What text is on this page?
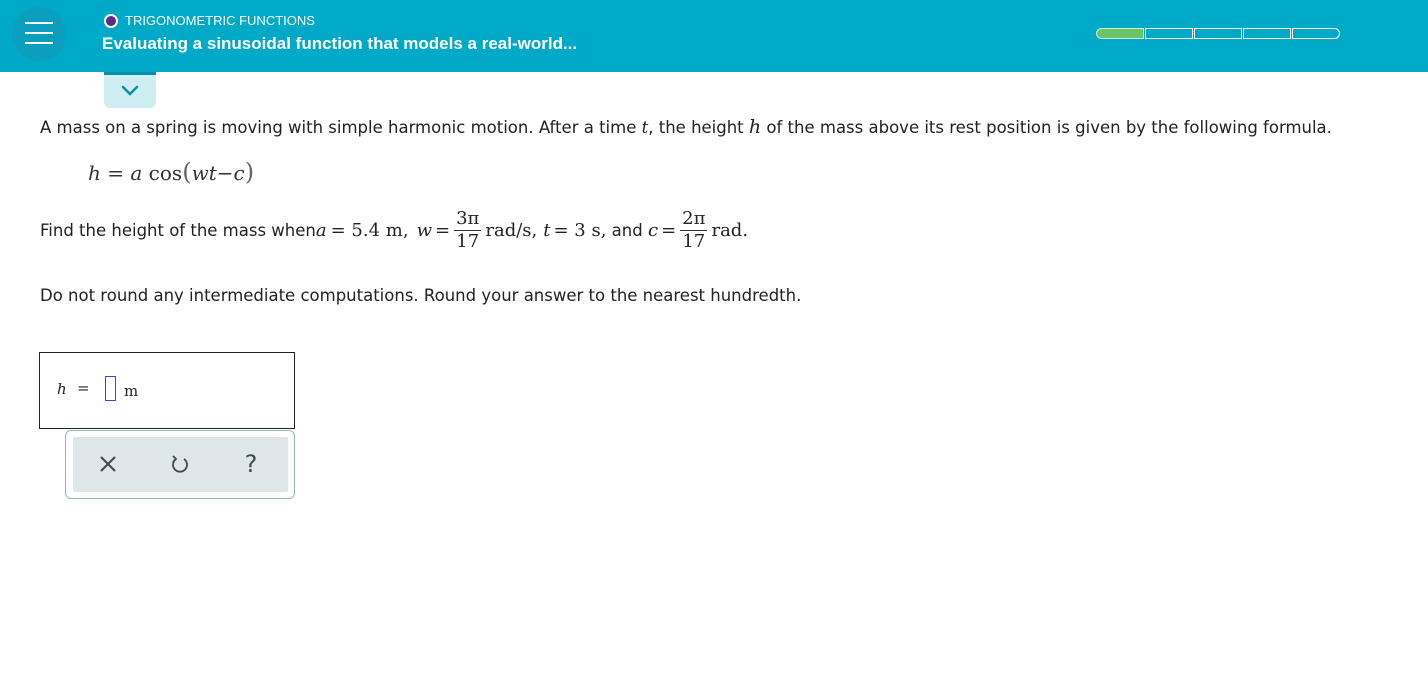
TRIGONOMETRIC FUNCTIONS
Evaluating a sinusoidal function that models a real-world...
A mass on a spring is moving with simple harmonic motion. After a time t, the height h of the mass above its rest position is given by the following formula.
h = a cos(wt−c)
Find the height of the mass when a = 5.4 m, $w = \frac{3\pi}{17} rad/s$, t = 3 s, and $c = \frac{2\pi}{17}$ rad.
Do not round any intermediate computations. Round your answer to the nearest hundredth.
h = m
?
